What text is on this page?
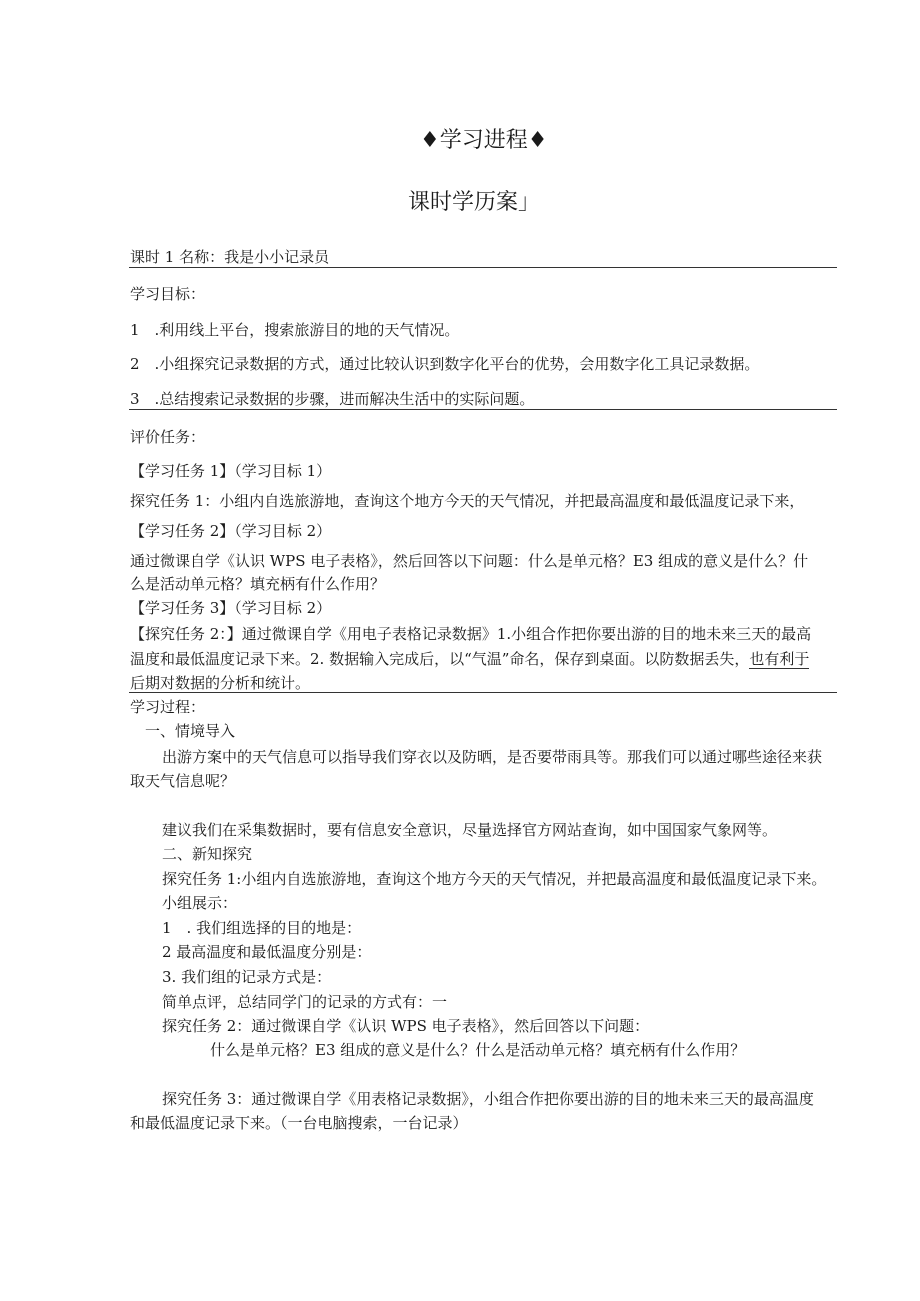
♦学习进程♦
课时学历案」
课时 1 名称：我是小小记录员
学习目标：
1　.利用线上平台，搜索旅游目的地的天气情况。
2　.小组探究记录数据的方式，通过比较认识到数字化平台的优势，会用数字化工具记录数据。
3　.总结搜索记录数据的步骤，进而解决生活中的实际问题。
评价任务：
【学习任务 1】（学习目标 1）
探究任务 1：小组内自选旅游地，查询这个地方今天的天气情况，并把最高温度和最低温度记录下来，
【学习任务 2】（学习目标 2）
通过微课自学《认识 WPS 电子表格》，然后回答以下问题：什么是单元格？E3 组成的意义是什么？什
么是活动单元格？填充柄有什么作用？
【学习任务 3】（学习目标 2）
【探究任务 2：】通过微课自学《用电子表格记录数据》1.小组合作把你要出游的目的地未来三天的最高
温度和最低温度记录下来。2. 数据输入完成后，以“气温”命名，保存到桌面。以防数据丢失，也有利于
后期对数据的分析和统计。
学习过程：
一、情境导入
出游方案中的天气信息可以指导我们穿衣以及防晒，是否要带雨具等。那我们可以通过哪些途径来获
取天气信息呢？
建议我们在采集数据时，要有信息安全意识，尽量选择官方网站查询，如中国国家气象网等。
二、新知探究
探究任务 1:小组内自选旅游地，查询这个地方今天的天气情况，并把最高温度和最低温度记录下来。
小组展示：
1　. 我们组选择的目的地是：
2 最高温度和最低温度分别是：
3. 我们组的记录方式是：
简单点评，总结同学门的记录的方式有：一
探究任务 2：通过微课自学《认识 WPS 电子表格》，然后回答以下问题：
什么是单元格？E3 组成的意义是什么？什么是活动单元格？填充柄有什么作用？
探究任务 3：通过微课自学《用表格记录数据》，小组合作把你要出游的目的地未来三天的最高温度
和最低温度记录下来。（一台电脑搜索，一台记录）
